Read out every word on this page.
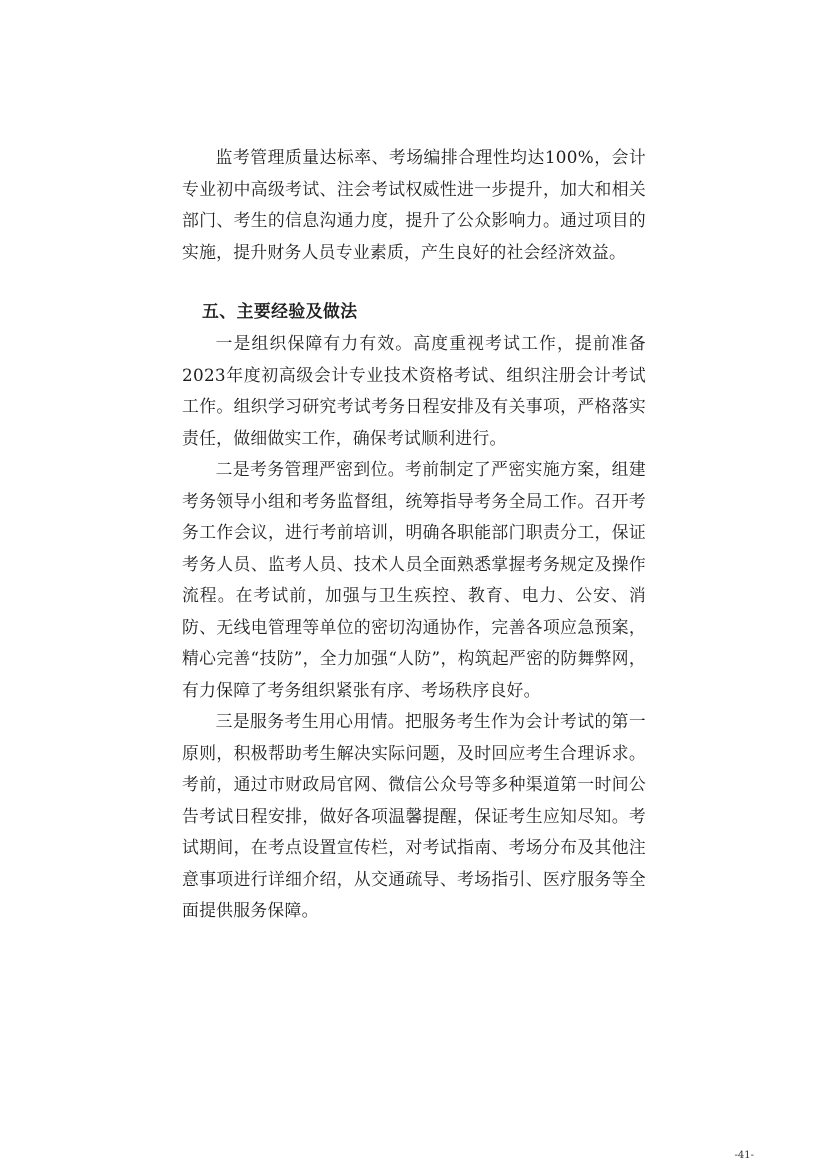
监考管理质量达标率、考场编排合理性均达100%，会计专业初中高级考试、注会考试权威性进一步提升，加大和相关部门、考生的信息沟通力度，提升了公众影响力。通过项目的实施，提升财务人员专业素质，产生良好的社会经济效益。

五、主要经验及做法

一是组织保障有力有效。高度重视考试工作，提前准备2023年度初高级会计专业技术资格考试、组织注册会计考试工作。组织学习研究考试考务日程安排及有关事项，严格落实责任，做细做实工作，确保考试顺利进行。

二是考务管理严密到位。考前制定了严密实施方案，组建考务领导小组和考务监督组，统筹指导考务全局工作。召开考务工作会议，进行考前培训，明确各职能部门职责分工，保证考务人员、监考人员、技术人员全面熟悉掌握考务规定及操作流程。在考试前，加强与卫生疾控、教育、电力、公安、消防、无线电管理等单位的密切沟通协作，完善各项应急预案，精心完善“技防”，全力加强“人防”，构筑起严密的防舞弊网，有力保障了考务组织紧张有序、考场秩序良好。

三是服务考生用心用情。把服务考生作为会计考试的第一原则，积极帮助考生解决实际问题，及时回应考生合理诉求。考前，通过市财政局官网、微信公众号等多种渠道第一时间公告考试日程安排，做好各项温馨提醒，保证考生应知尽知。考试期间，在考点设置宣传栏，对考试指南、考场分布及其他注意事项进行详细介绍，从交通疏导、考场指引、医疗服务等全面提供服务保障。

-41-
